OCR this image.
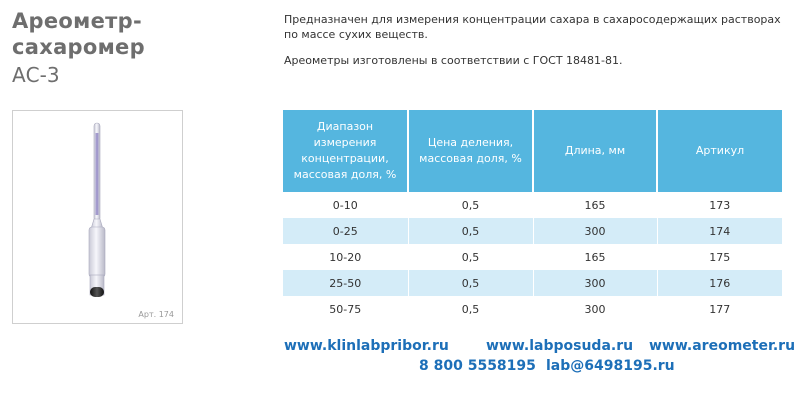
Ареометр-
сахаромер
АС-3
Арт. 174

Предназначен для измерения концентрации сахара в сахаросодержащих растворах по массе сухих веществ.

Ареометры изготовлены в соответствии с ГОСТ 18481-81.

Диапазон измерения концентрации, массовая доля, %	Цена деления, массовая доля, %	Длина, мм	Артикул
0-10	0,5	165	173
0-25	0,5	300	174
10-20	0,5	165	175
25-50	0,5	300	176
50-75	0,5	300	177
www.klinlabpribor.ru	www.labposuda.ru www.areometer.ru
8 800 5558195 lab@6498195.ru
